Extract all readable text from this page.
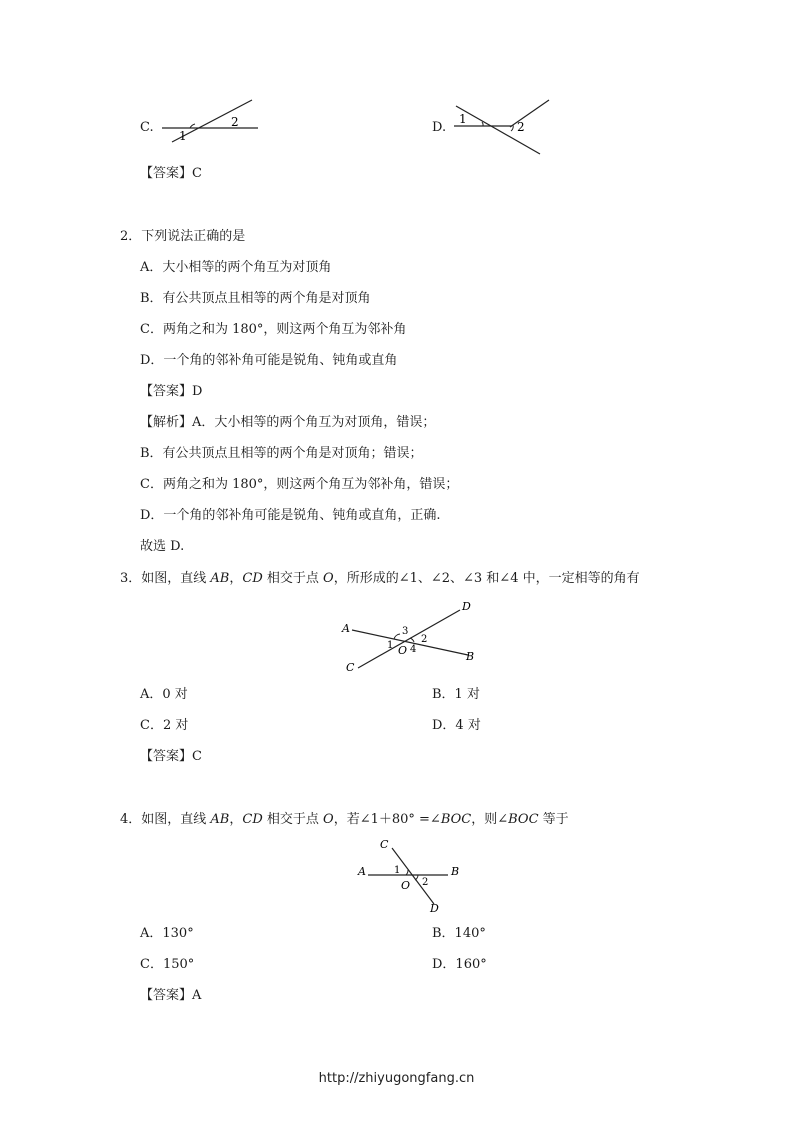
C.
1
2	D.
1
2
【答案】C
2．下列说法正确的是
A．大小相等的两个角互为对顶角
B．有公共顶点且相等的两个角是对顶角
C．两角之和为 180°，则这两个角互为邻补角
D．一个角的邻补角可能是锐角、钝角或直角
【答案】D
【解析】A．大小相等的两个角互为对顶角，错误；
B．有公共顶点且相等的两个角是对顶角；错误；
C．两角之和为 180°，则这两个角互为邻补角，错误；
D．一个角的邻补角可能是锐角、钝角或直角，正确.
故选 D.
3．如图，直线 AB，CD 相交于点 O，所形成的∠1、∠2、∠3 和∠4 中，一定相等的角有
A
B
C
D
O
1
2
3
4
A．0 对	B．1 对
C．2 对	D．4 对
【答案】C
4．如图，直线 AB，CD 相交于点 O，若∠1＋80° =∠BOC，则∠BOC 等于
A	B
C
D
O
1
2
A．130°	B．140°
C．150°	D．160°
【答案】A
http://zhiyugongfang.cn
